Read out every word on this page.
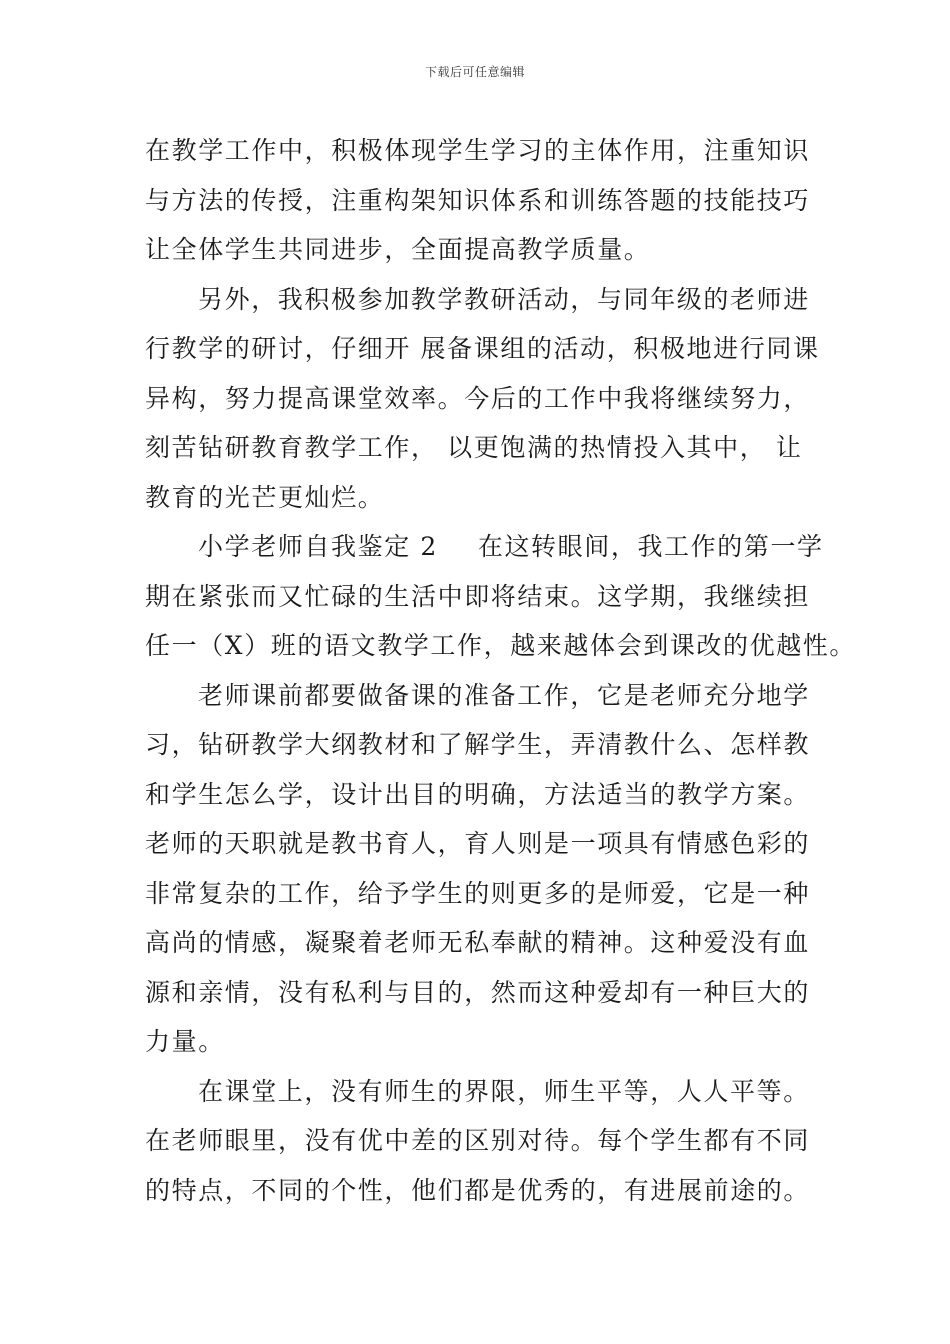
下载后可任意编辑
在教学工作中，积极体现学生学习的主体作用，注重知识
与方法的传授，注重构架知识体系和训练答题的技能技巧
让全体学生共同进步，全面提高教学质量。
另外，我积极参加教学教研活动，与同年级的老师进
行教学的研讨，仔细开 展备课组的活动，积极地进行同课
异构，努力提高课堂效率。今后的工作中我将继续努力，
刻苦钻研教育教学工作， 以更饱满的热情投入其中， 让
教育的光芒更灿烂。
小学老师自我鉴定 2 在这转眼间，我工作的第一学
期在紧张而又忙碌的生活中即将结束。这学期，我继续担
任一（X）班的语文教学工作，越来越体会到课改的优越性。
老师课前都要做备课的准备工作，它是老师充分地学
习，钻研教学大纲教材和了解学生，弄清教什么、怎样教
和学生怎么学，设计出目的明确，方法适当的教学方案。
老师的天职就是教书育人，育人则是一项具有情感色彩的
非常复杂的工作，给予学生的则更多的是师爱，它是一种
高尚的情感，凝聚着老师无私奉献的精神。这种爱没有血
源和亲情，没有私利与目的，然而这种爱却有一种巨大的
力量。
在课堂上，没有师生的界限，师生平等，人人平等。
在老师眼里，没有优中差的区别对待。每个学生都有不同
的特点，不同的个性，他们都是优秀的，有进展前途的。
